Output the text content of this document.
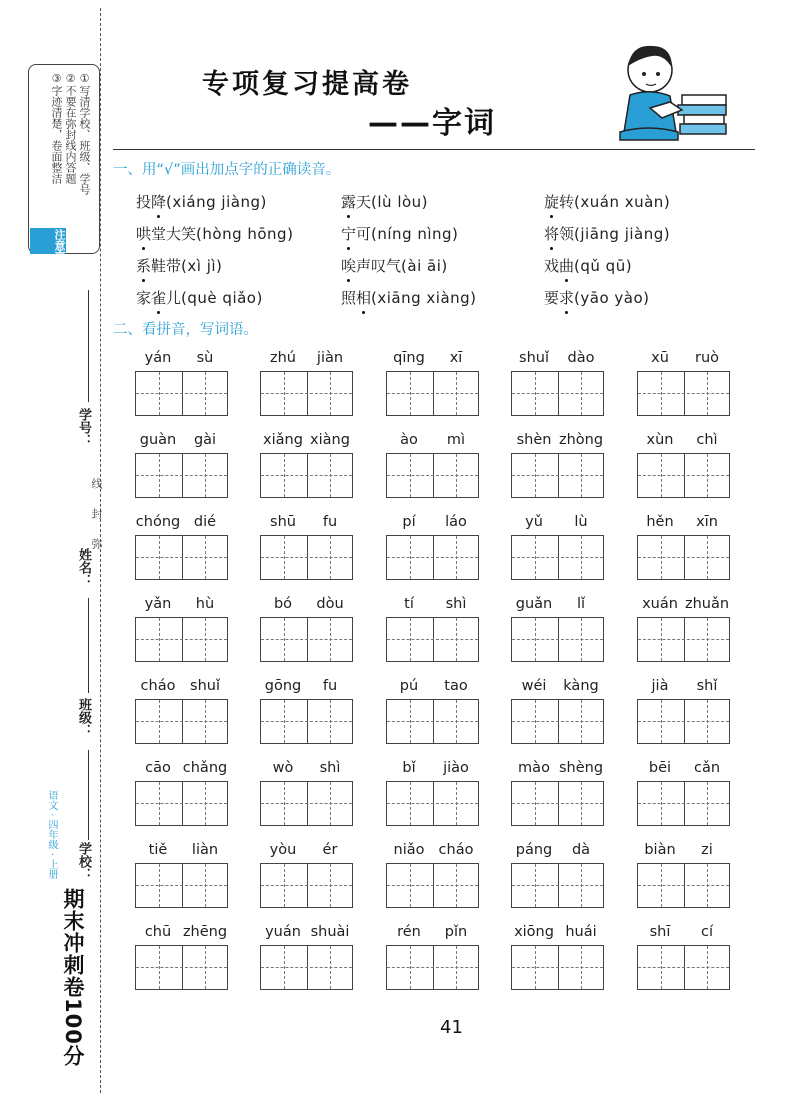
①写清学校、班级、学号
②不要在弥封线内答题
③字迹清楚，卷面整洁
注意事项
学号：
线
封
姓名：
弥
班级：
学校：
语文 · 四年级 · 上册
期末冲刺卷100分
专项复习提高卷
——字词
一、用“√”画出加点字的正确读音。
投降(xiáng jiàng)	露天(lù lòu)	旋转(xuán xuàn)
哄堂大笑(hòng hōng)	宁可(níng nìng)	将领(jiāng jiàng)
系鞋带(xì jì)	唉声叹气(ài āi)	戏曲(qǔ qū)
家雀儿(què qiǎo)	照相(xiāng xiàng)	要求(yāo yào)
二、看拼音，写词语。
yán sù	zhú jiàn	qīng xī	shuǐ dào	xū ruò
guàn gài	xiǎng xiàng	ào mì	shèn zhòng	xùn chì
chóng dié	shū fu	pí láo	yǔ lù	hěn xīn
yǎn hù	bó dòu	tí shì	guǎn lǐ	xuán zhuǎn
cháo shuǐ	gōng fu	pú tao	wéi kàng	jià shǐ
cāo chǎng	wò shì	bǐ jiào	mào shèng	bēi cǎn
tiě liàn	yòu ér	niǎo cháo	páng dà	biàn zi
chū zhēng	yuán shuài	rén pǐn	xiōng huái	shī cí
41
